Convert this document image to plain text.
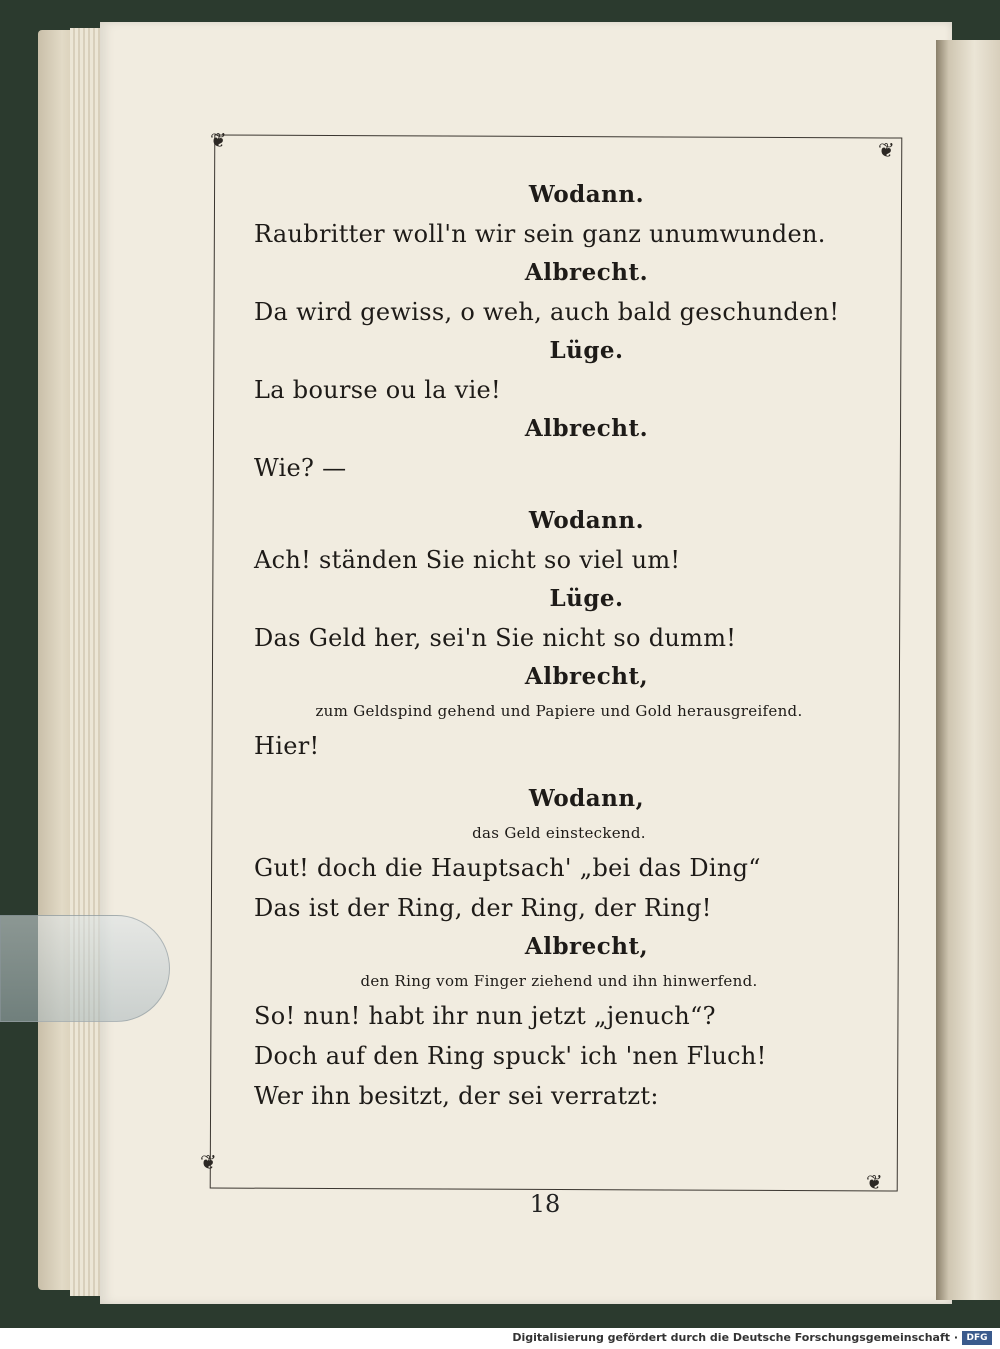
❦	❦
❦
❦
Wodann.
Raubritter woll'n wir sein ganz unumwunden.
Albrecht.
Da wird gewiss, o weh, auch bald geschunden!
Lüge.
La bourse ou la vie!
Albrecht.
Wie? —
Wodann.
Ach! ständen Sie nicht so viel um!
Lüge.
Das Geld her, sei'n Sie nicht so dumm!
Albrecht,
zum Geldspind gehend und Papiere und Gold herausgreifend.
Hier!
Wodann,
das Geld einsteckend.
Gut! doch die Hauptsach' „bei das Ding“
Das ist der Ring, der Ring, der Ring!
Albrecht,
den Ring vom Finger ziehend und ihn hinwerfend.
So! nun! habt ihr nun jetzt „jenuch“?
Doch auf den Ring spuck' ich 'nen Fluch!
Wer ihn besitzt, der sei verratzt:
18
Digitalisierung gefördert durch die Deutsche Forschungsgemeinschaft · DFG
